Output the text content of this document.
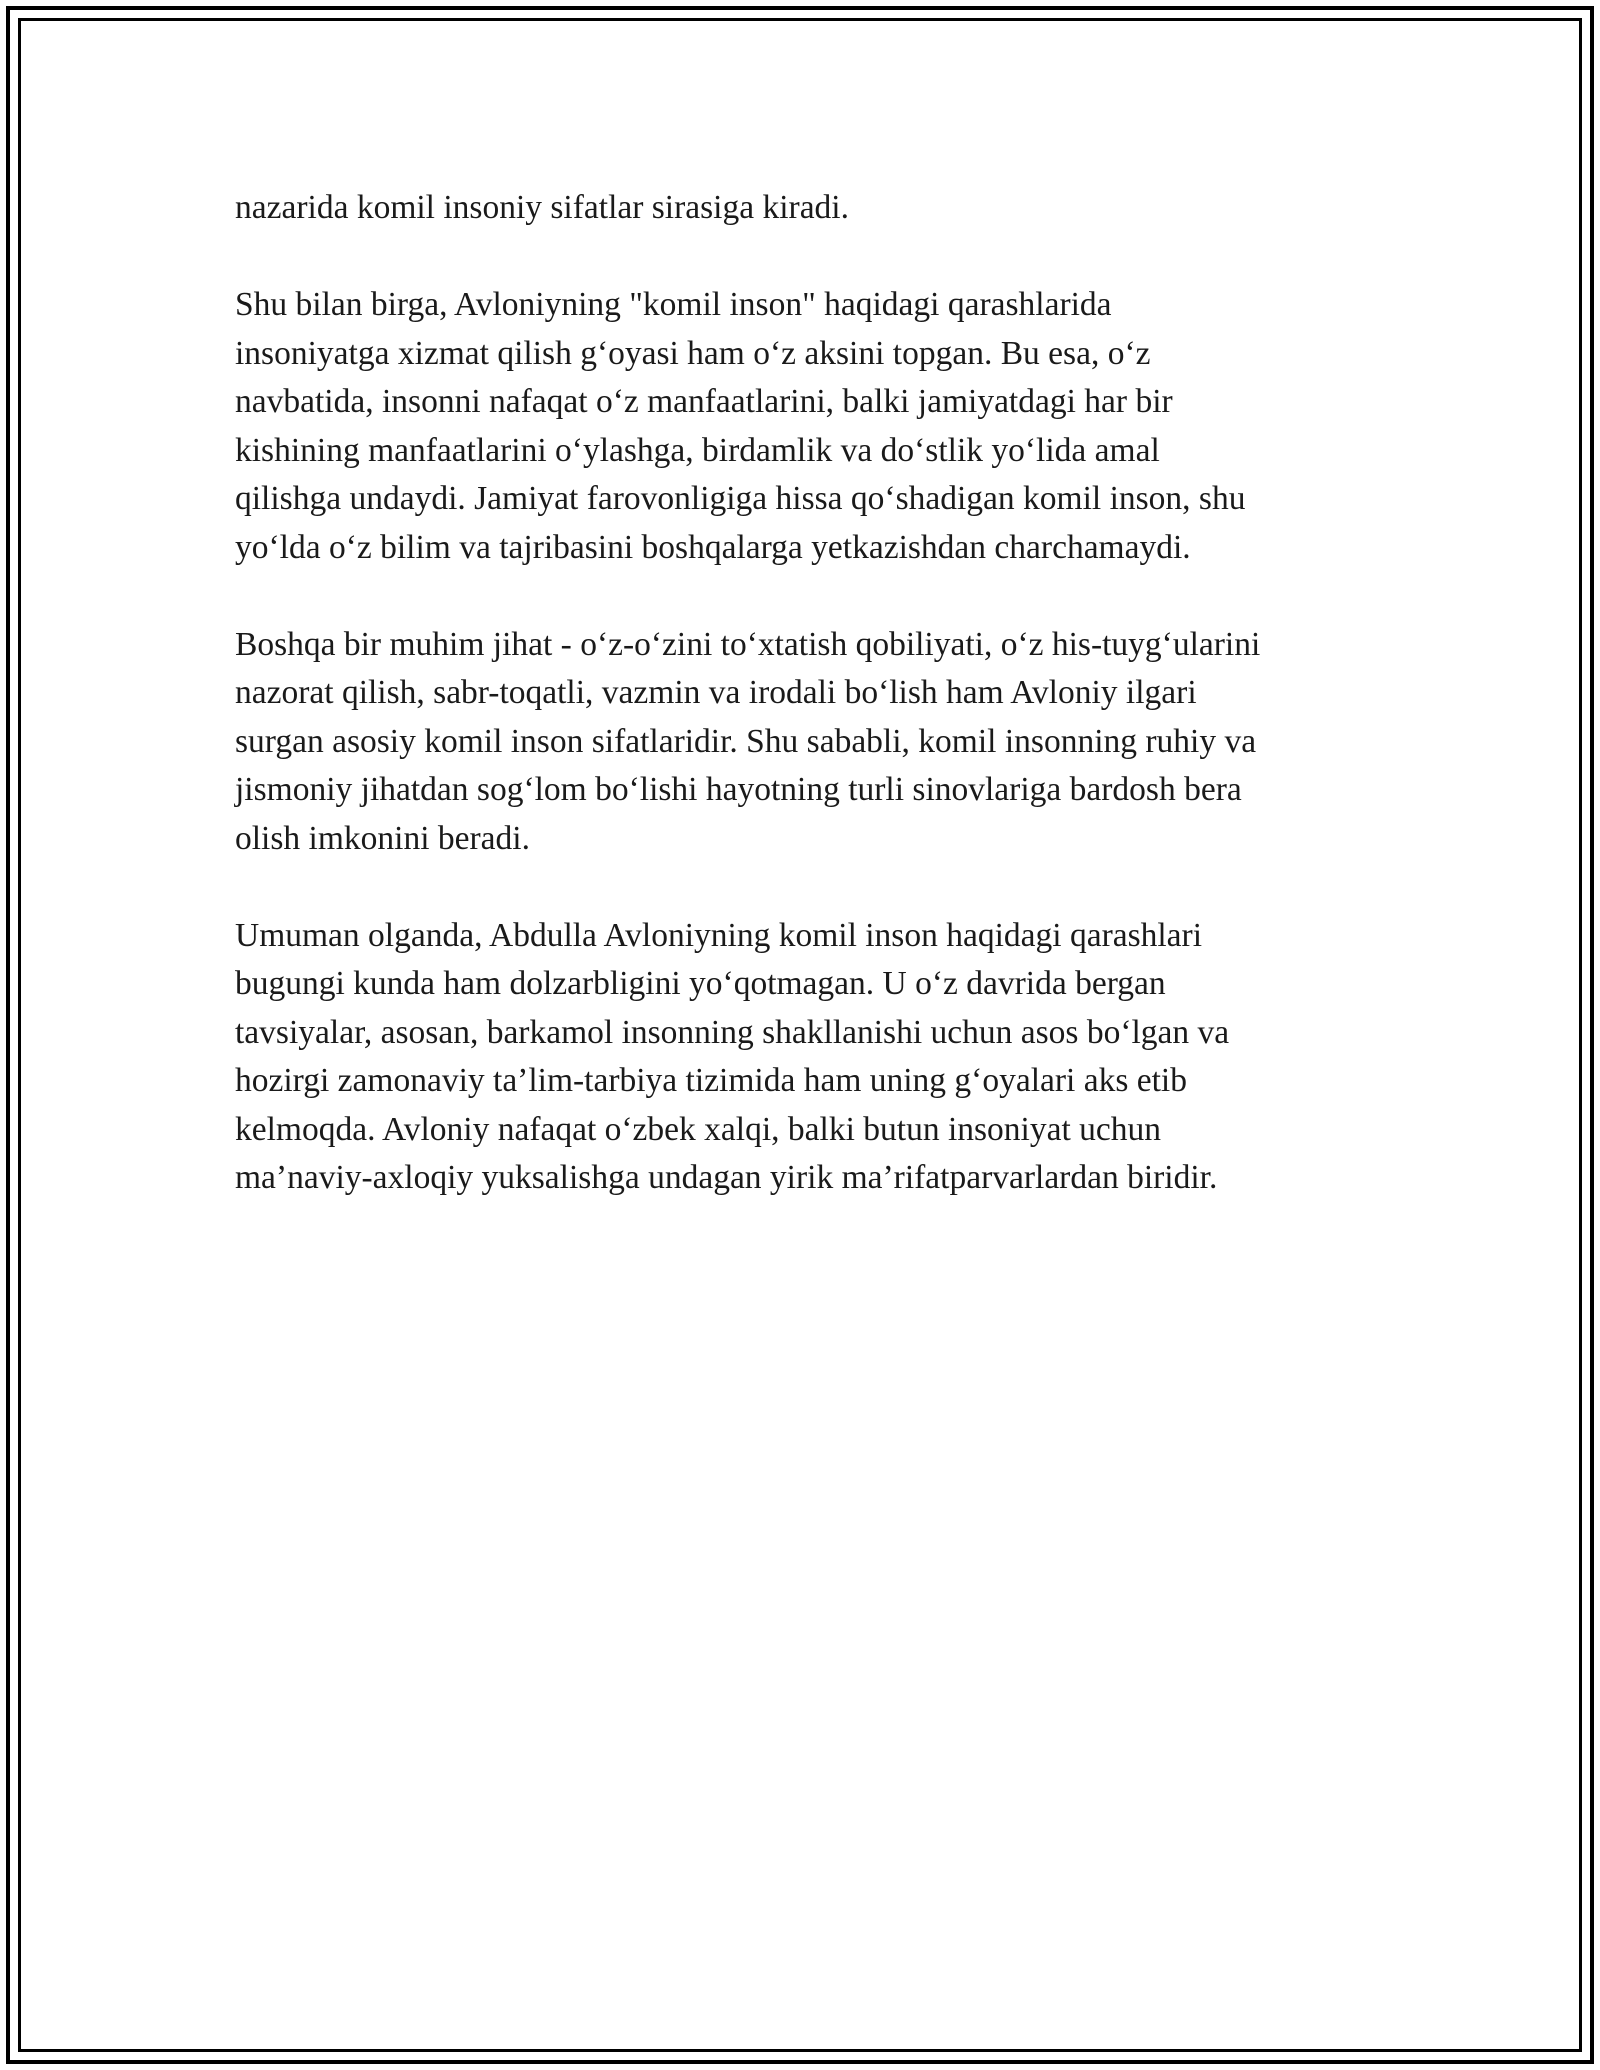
nazarida komil insoniy sifatlar sirasiga kiradi.
Shu bilan birga, Avloniyning "komil inson" haqidagi qarashlarida
insoniyatga xizmat qilish g‘oyasi ham o‘z aksini topgan. Bu esa, o‘z
navbatida, insonni nafaqat o‘z manfaatlarini, balki jamiyatdagi har bir
kishining manfaatlarini o‘ylashga, birdamlik va do‘stlik yo‘lida amal
qilishga undaydi. Jamiyat farovonligiga hissa qo‘shadigan komil inson, shu
yo‘lda o‘z bilim va tajribasini boshqalarga yetkazishdan charchamaydi.
Boshqa bir muhim jihat - o‘z-o‘zini to‘xtatish qobiliyati, o‘z his-tuyg‘ularini
nazorat qilish, sabr-toqatli, vazmin va irodali bo‘lish ham Avloniy ilgari
surgan asosiy komil inson sifatlaridir. Shu sababli, komil insonning ruhiy va
jismoniy jihatdan sog‘lom bo‘lishi hayotning turli sinovlariga bardosh bera
olish imkonini beradi.
Umuman olganda, Abdulla Avloniyning komil inson haqidagi qarashlari
bugungi kunda ham dolzarbligini yo‘qotmagan. U o‘z davrida bergan
tavsiyalar, asosan, barkamol insonning shakllanishi uchun asos bo‘lgan va
hozirgi zamonaviy ta’lim-tarbiya tizimida ham uning g‘oyalari aks etib
kelmoqda. Avloniy nafaqat o‘zbek xalqi, balki butun insoniyat uchun
ma’naviy-axloqiy yuksalishga undagan yirik ma’rifatparvarlardan biridir.
